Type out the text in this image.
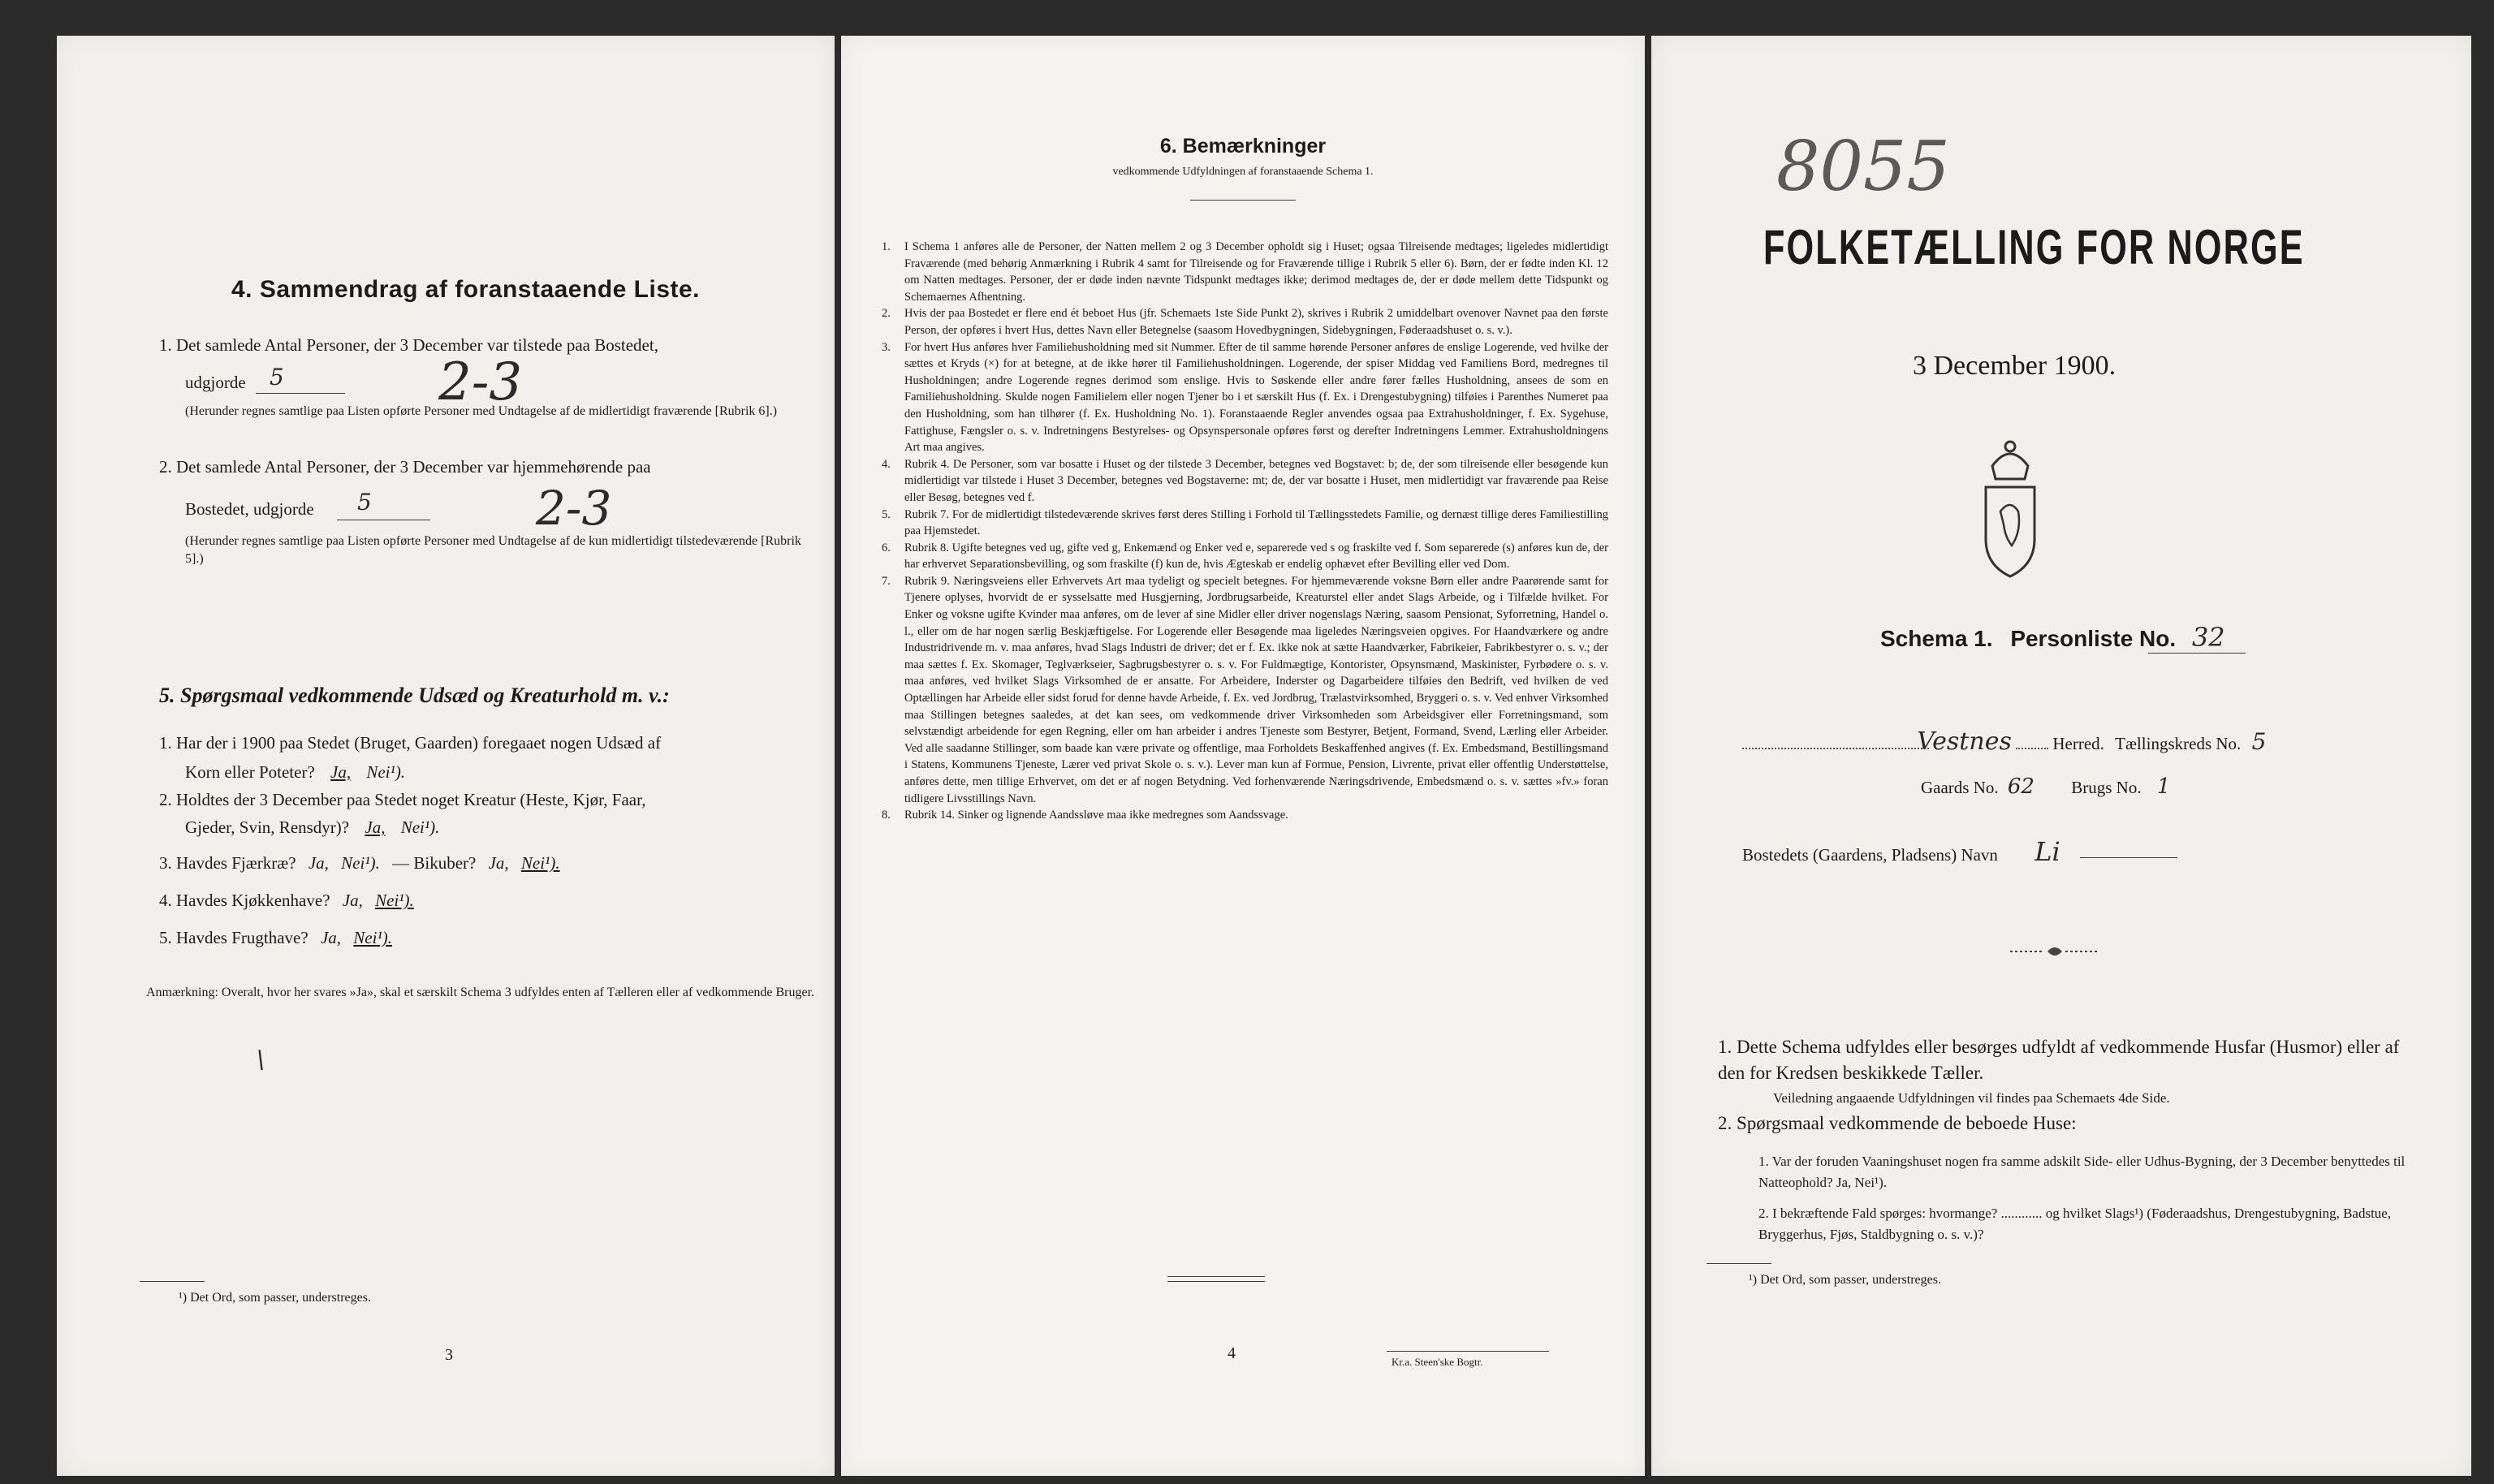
4. Sammendrag af foranstaaende Liste.
1. Det samlede Antal Personer, der 3 December var tilstede paa Bostedet,
udgjorde 5	2-3
(Herunder regnes samtlige paa Listen opførte Personer med Undtagelse af de midlertidigt fraværende [Rubrik 6].)
2. Det samlede Antal Personer, der 3 December var hjemmehørende paa
Bostedet, udgjorde 5	2-3
(Herunder regnes samtlige paa Listen opførte Personer med Undtagelse af de kun midlertidigt tilstedeværende [Rubrik 5].)
5. Spørgsmaal vedkommende Udsæd og Kreaturhold m. v.:
1. Har der i 1900 paa Stedet (Bruget, Gaarden) foregaaet nogen Udsæd af
Korn eller Poteter? Ja, Nei¹).
2. Holdtes der 3 December paa Stedet noget Kreatur (Heste, Kjør, Faar,
Gjeder, Svin, Rensdyr)? Ja, Nei¹).
3. Havdes Fjærkræ? Ja, Nei¹). — Bikuber? Ja, Nei¹).
4. Havdes Kjøkkenhave? Ja, Nei¹).
5. Havdes Frugthave? Ja, Nei¹).
Anmærkning: Overalt, hvor her svares »Ja», skal et særskilt Schema 3 udfyldes enten af Tælleren eller af vedkommende Bruger.
\
¹) Det Ord, som passer, understreges.
3
6. Bemærkninger
vedkommende Udfyldningen af foranstaaende Schema 1.
1. I Schema 1 anføres alle de Personer, der Natten mellem 2 og 3 December opholdt sig i Huset; ogsaa Tilreisende medtages; ligeledes midlertidigt Fraværende (med behørig Anmærkning i Rubrik 4 samt for Tilreisende og for Fraværende tillige i Rubrik 5 eller 6). Børn, der er fødte inden Kl. 12 om Natten medtages. Personer, der er døde inden nævnte Tidspunkt medtages ikke; derimod medtages de, der er døde mellem dette Tidspunkt og Schemaernes Afhentning.
2. Hvis der paa Bostedet er flere end ét beboet Hus (jfr. Schemaets 1ste Side Punkt 2), skrives i Rubrik 2 umiddelbart ovenover Navnet paa den første Person, der opføres i hvert Hus, dettes Navn eller Betegnelse (saasom Hovedbygningen, Sidebygningen, Føderaadshuset o. s. v.).
3. For hvert Hus anføres hver Familiehusholdning med sit Nummer. Efter de til samme hørende Personer anføres de enslige Logerende, ved hvilke der sættes et Kryds (×) for at betegne, at de ikke hører til Familiehusholdningen. Logerende, der spiser Middag ved Familiens Bord, medregnes til Husholdningen; andre Logerende regnes derimod som enslige. Hvis to Søskende eller andre fører fælles Husholdning, ansees de som en Familiehusholdning. Skulde nogen Familielem eller nogen Tjener bo i et særskilt Hus (f. Ex. i Drengestubygning) tilføies i Parenthes Numeret paa den Husholdning, som han tilhører (f. Ex. Husholdning No. 1). Foranstaaende Regler anvendes ogsaa paa Extrahusholdninger, f. Ex. Sygehuse, Fattighuse, Fængsler o. s. v. Indretningens Bestyrelses- og Opsynspersonale opføres først og derefter Indretningens Lemmer. Extrahusholdningens Art maa angives.
4. Rubrik 4. De Personer, som var bosatte i Huset og der tilstede 3 December, betegnes ved Bogstavet: b; de, der som tilreisende eller besøgende kun midlertidigt var tilstede i Huset 3 December, betegnes ved Bogstaverne: mt; de, der var bosatte i Huset, men midlertidigt var fraværende paa Reise eller Besøg, betegnes ved f.
5. Rubrik 7. For de midlertidigt tilstedeværende skrives først deres Stilling i Forhold til Tællingsstedets Familie, og dernæst tillige deres Familiestilling paa Hjemstedet.
6. Rubrik 8. Ugifte betegnes ved ug, gifte ved g, Enkemænd og Enker ved e, separerede ved s og fraskilte ved f. Som separerede (s) anføres kun de, der har erhvervet Separationsbevilling, og som fraskilte (f) kun de, hvis Ægteskab er endelig ophævet efter Bevilling eller ved Dom.
7. Rubrik 9. Næringsveiens eller Erhvervets Art maa tydeligt og specielt betegnes. For hjemmeværende voksne Børn eller andre Paarørende samt for Tjenere oplyses, hvorvidt de er sysselsatte med Husgjerning, Jordbrugsarbeide, Kreaturstel eller andet Slags Arbeide, og i Tilfælde hvilket. For Enker og voksne ugifte Kvinder maa anføres, om de lever af sine Midler eller driver nogenslags Næring, saasom Pensionat, Syforretning, Handel o. l., eller om de har nogen særlig Beskjæftigelse. For Logerende eller Besøgende maa ligeledes Næringsveien opgives. For Haandværkere og andre Industridrivende m. v. maa anføres, hvad Slags Industri de driver; det er f. Ex. ikke nok at sætte Haandværker, Fabrikeier, Fabrikbestyrer o. s. v.; der maa sættes f. Ex. Skomager, Teglværkseier, Sagbrugsbestyrer o. s. v. For Fuldmægtige, Kontorister, Opsynsmænd, Maskinister, Fyrbødere o. s. v. maa anføres, ved hvilket Slags Virksomhed de er ansatte. For Arbeidere, Inderster og Dagarbeidere tilføies den Bedrift, ved hvilken de ved Optællingen har Arbeide eller sidst forud for denne havde Arbeide, f. Ex. ved Jordbrug, Trælastvirksomhed, Bryggeri o. s. v. Ved enhver Virksomhed maa Stillingen betegnes saaledes, at det kan sees, om vedkommende driver Virksomheden som Arbeidsgiver eller Forretningsmand, som selvstændigt arbeidende for egen Regning, eller om han arbeider i andres Tjeneste som Bestyrer, Betjent, Formand, Svend, Lærling eller Arbeider. Ved alle saadanne Stillinger, som baade kan være private og offentlige, maa Forholdets Beskaffenhed angives (f. Ex. Embedsmand, Bestillingsmand i Statens, Kommunens Tjeneste, Lærer ved privat Skole o. s. v.). Lever man kun af Formue, Pension, Livrente, privat eller offentlig Understøttelse, anføres dette, men tillige Erhvervet, om det er af nogen Betydning. Ved forhenværende Næringsdrivende, Embedsmænd o. s. v. sættes »fv.» foran tidligere Livsstillings Navn.
8. Rubrik 14. Sinker og lignende Aandssløve maa ikke medregnes som Aandssvage.
4	Kr.a. Steen'ske Bogtr.
8055
FOLKETÆLLING FOR NORGE
3 December 1900.
Schema 1. Personliste No. 32
Vestnes Herred. Tællingskreds No. 5
Gaards No. 62 Brugs No. 1
Bostedets (Gaardens, Pladsens) Navn Li
1. Dette Schema udfyldes eller besørges udfyldt af vedkommende Husfar (Husmor) eller af den for Kredsen beskikkede Tæller.
Veiledning angaaende Udfyldningen vil findes paa Schemaets 4de Side.
2. Spørgsmaal vedkommende de beboede Huse:
1. Var der foruden Vaaningshuset nogen fra samme adskilt Side- eller Udhus-Bygning, der 3 December benyttedes til Natteophold? Ja, Nei¹).
2. I bekræftende Fald spørges: hvormange? ............ og hvilket Slags¹) (Føderaadshus, Drengestubygning, Badstue, Bryggerhus, Fjøs, Staldbygning o. s. v.)?
¹) Det Ord, som passer, understreges.
